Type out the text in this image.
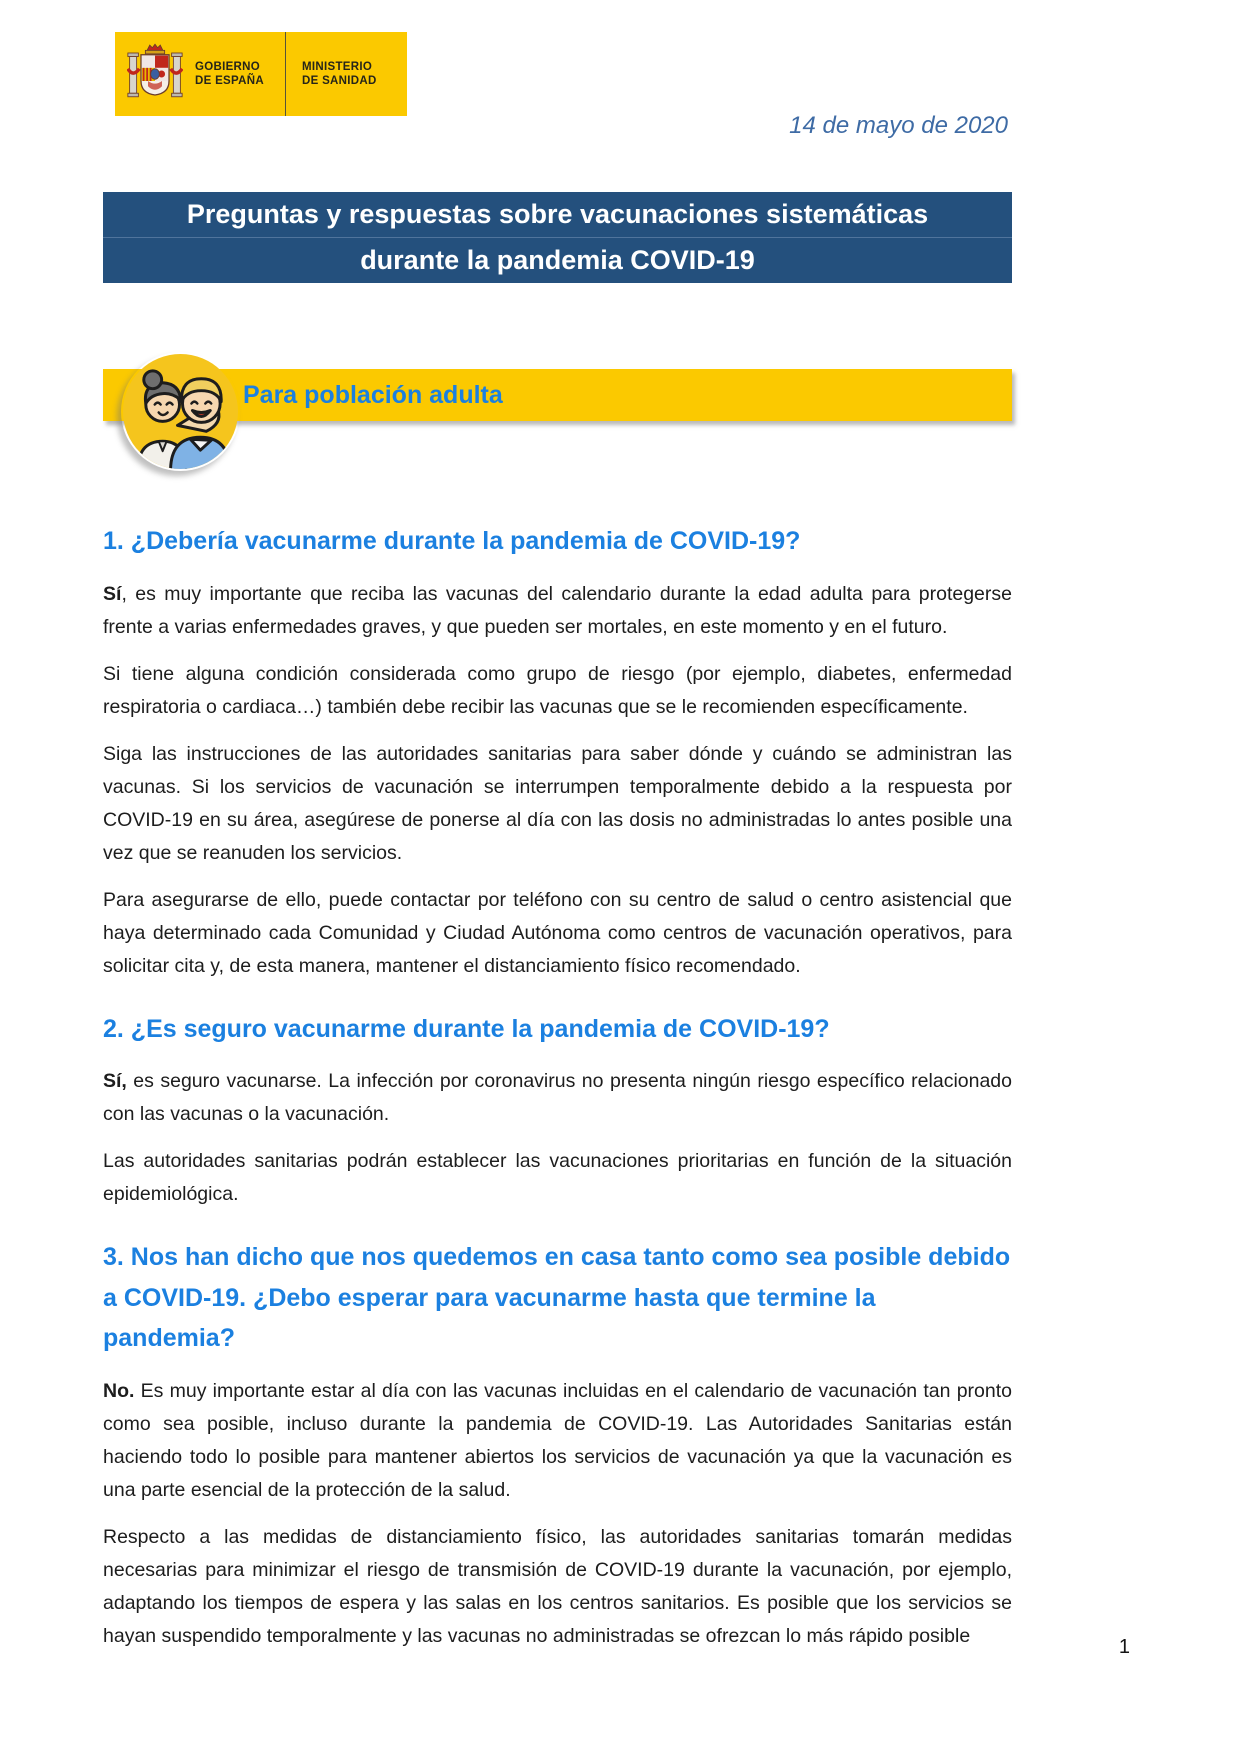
GOBIERNO
DE ESPAÑA
MINISTERIO
DE SANIDAD
14 de mayo de 2020
Preguntas y respuestas sobre vacunaciones sistemáticas
durante la pandemia COVID-19
Para población adulta
1. ¿Debería vacunarme durante la pandemia de COVID-19?

Sí, es muy importante que reciba las vacunas del calendario durante la edad adulta para protegerse frente a varias enfermedades graves, y que pueden ser mortales, en este momento y en el futuro.

Si tiene alguna condición considerada como grupo de riesgo (por ejemplo, diabetes, enfermedad respiratoria o cardiaca…) también debe recibir las vacunas que se le recomienden específicamente.

Siga las instrucciones de las autoridades sanitarias para saber dónde y cuándo se administran las vacunas. Si los servicios de vacunación se interrumpen temporalmente debido a la respuesta por COVID-19 en su área, asegúrese de ponerse al día con las dosis no administradas lo antes posible una vez que se reanuden los servicios.

Para asegurarse de ello, puede contactar por teléfono con su centro de salud o centro asistencial que haya determinado cada Comunidad y Ciudad Autónoma como centros de vacunación operativos, para solicitar cita y, de esta manera, mantener el distanciamiento físico recomendado.

2. ¿Es seguro vacunarme durante la pandemia de COVID-19?

Sí, es seguro vacunarse. La infección por coronavirus no presenta ningún riesgo específico relacionado con las vacunas o la vacunación.

Las autoridades sanitarias podrán establecer las vacunaciones prioritarias en función de la situación epidemiológica.

3. Nos han dicho que nos quedemos en casa tanto como sea posible debido a COVID-19. ¿Debo esperar para vacunarme hasta que termine la pandemia?

No. Es muy importante estar al día con las vacunas incluidas en el calendario de vacunación tan pronto como sea posible, incluso durante la pandemia de COVID-19. Las Autoridades Sanitarias están haciendo todo lo posible para mantener abiertos los servicios de vacunación ya que la vacunación es una parte esencial de la protección de la salud.

Respecto a las medidas de distanciamiento físico, las autoridades sanitarias tomarán medidas necesarias para minimizar el riesgo de transmisión de COVID-19 durante la vacunación, por ejemplo, adaptando los tiempos de espera y las salas en los centros sanitarios. Es posible que los servicios se hayan suspendido temporalmente y las vacunas no administradas se ofrezcan lo más rápido posible

1
